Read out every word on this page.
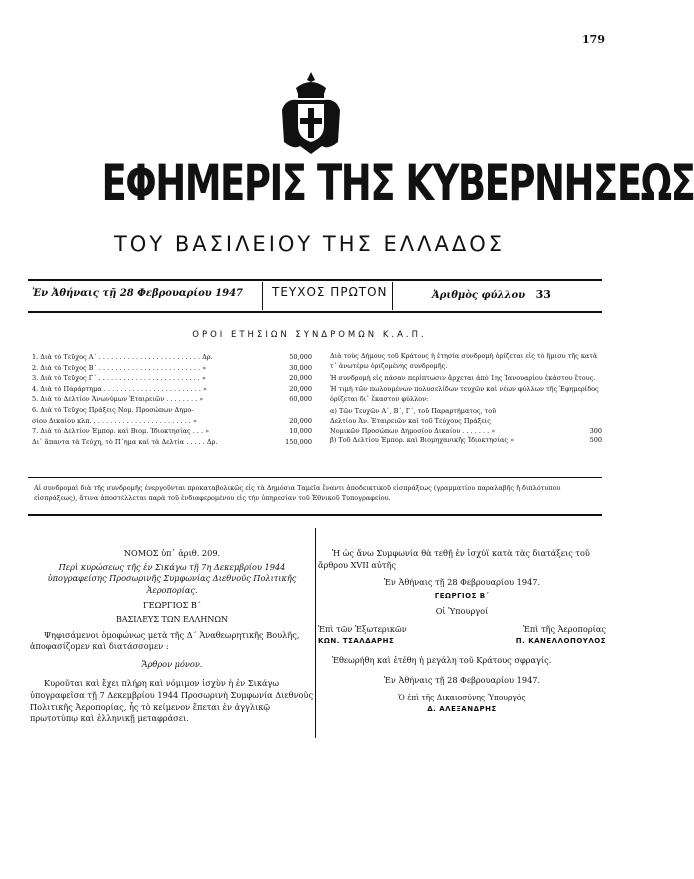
179
ΕΦΗΜΕΡΙΣ ΤΗΣ ΚΥΒΕΡΝΗΣΕΩΣ
ΤΟΥ ΒΑΣΙΛΕΙΟΥ ΤΗΣ ΕΛΛΑΔΟΣ
Ἐν Ἀθήναις τῇ 28 Φεβρουαρίου 1947 ΤΕΥΧΟΣ ΠΡΩΤΟΝ	Ἀριθμὸς φύλλου 33
ΟΡΟΙ ΕΤΗΣΙΩΝ ΣΥΝΔΡΟΜΩΝ Κ.Α.Π.
1. Διὰ τὸ Τεῦχος Α΄ . . . . . . . . . . . . . . . . . . . . . . . . . Δρ.	50,000
2. Διὰ τὸ Τεῦχος Β΄ . . . . . . . . . . . . . . . . . . . . . . . . . »	30,000
3. Διὰ τὸ Τεῦχος Γ΄ . . . . . . . . . . . . . . . . . . . . . . . . . »	20,000
4. Διὰ τὸ Παράρτημα . . . . . . . . . . . . . . . . . . . . . . . . »	20,000
5. Διὰ τὸ Δελτίον Ἀνωνύμων Ἑταιρειῶν . . . . . . . . »	60,000
6. Διὰ τὸ Τεῦχος Πράξεις Νομ. Προσώπων Δημο-
σίου Δικαίου κλπ. . . . . . . . . . . . . . . . . . . . . . . . . »	20,000
7. Διὰ τὸ Δελτίον Ἐμπορ. καὶ Βιομ. Ἰδιοκτησίας . . . »	10,000
Δι᾽ ἅπαντα τὰ Τεύχη, τὸ Π΄ημα καὶ τὰ Δελτία . . . . . Δρ.	150,000

Διὰ τοὺς Δήμους τοῦ Κράτους ἡ ἐτησία συνδρομὴ ὁρίζεται εἰς τὸ ἥμισυ τῆς κατὰ τ᾽ ἀνωτέρω ὁριζομένης συνδρομῆς.

Ἡ συνδρομὴ εἰς πάσαν περίπτωσιν ἄρχεται ἀπὸ 1ης Ἰανουαρίου ἑκάστου ἔτους.

Ἡ τιμὴ τῶν πωλουμένων πολυσελίδων τευχῶν καὶ νέων φύλλων τῆς Ἐφημερίδος ὁρίζεται δι᾽ ἕκαστον φύλλον:

α) Τῶν Τευχῶν Α΄, Β΄, Γ΄, τοῦ Παραρτήματος, τοῦ
Δελτίου Ἀν. Ἑταιρειῶν καὶ τοῦ Τεύχους Πράξεις
Νομικῶν Προσώπων Δημοσίου Δικαίου . . . . . . . »	300
β) Τοῦ Δελτίου Ἐμπορ. καὶ Βιομηχανικῆς Ἰδιοκτησίας »	500
Αἱ συνδρομαὶ διὰ τῆς συνδρομῆς ἐνεργοῦνται προκαταβολικῶς εἰς τὰ Δημόσια Ταμεῖα ἔναντι ἀποδεικτικοῦ εἰσπράξεως (γραμματίου παραλαβῆς ἢ διπλότυπου εἰσπράξεως), ἅτινα ἀποστέλλεται παρὰ τοῦ ἐνδιαφερομένου εἰς τὴν ὑπηρεσίαν τοῦ Ἐθνικοῦ Τυπογραφείου.

ΝΟΜΟΣ ὑπ᾽ ἀριθ. 209.

Περὶ κυρώσεως τῆς ἐν Σικάγω τῇ 7η Δεκεμβρίου 1944 ὑπογραφείσης Προσωρινῆς Συμφωνίας Διεθνοῦς Πολιτικῆς Ἀεροπορίας.

ΓΕΩΡΓΙΟΣ Β΄

ΒΑΣΙΛΕΥΣ ΤΩΝ ΕΛΛΗΝΩΝ

Ψηφισάμενοι ὁμοφώνως μετὰ τῆς Δ΄ Ἀναθεωρητικῆς Βουλῆς, ἀποφασίζομεν καὶ διατάσσομεν :

Ἄρθρον μόνον.

Κυροῦται καὶ ἔχει πλήρη καὶ νόμιμον ἰσχὺν ἡ ἐν Σικάγω ὑπογραφεῖσα τῇ 7 Δεκεμβρίου 1944 Προσωρινὴ Συμφωνία Διεθνοῦς Πολιτικῆς Ἀεροπορίας, ἧς τὸ κείμενον ἕπεται ἐν ἀγγλικῷ πρωτοτύπῳ καὶ ἑλληνικῇ μεταφράσει.

Ἡ ὡς ἄνω Συμφωνία θὰ τεθῇ ἐν ἰσχύϊ κατὰ τὰς διατάξεις τοῦ ἄρθρου XVII αὐτῆς

Ἐν Ἀθήναις τῇ 28 Φεβρουαρίου 1947.

ΓΕΩΡΓΙΟΣ Β΄

Οἱ Ὑπουργοί

Ἐπὶ τῶν Ἐξωτερικῶν	Ἐπὶ τῆς Ἀεροπορίας
ΚΩΝ. ΤΣΑΛΔΑΡΗΣ	Π. ΚΑΝΕΛΛΟΠΟΥΛΟΣ

Ἐθεωρήθη καὶ ἐτέθη ἡ μεγάλη τοῦ Κράτους σφραγίς.

Ἐν Ἀθήναις τῇ 28 Φεβρουαρίου 1947.

Ὁ ἐπὶ τῆς Δικαιοσύνης Ὑπουργός

Δ. ΑΛΕΞΑΝΔΡΗΣ
